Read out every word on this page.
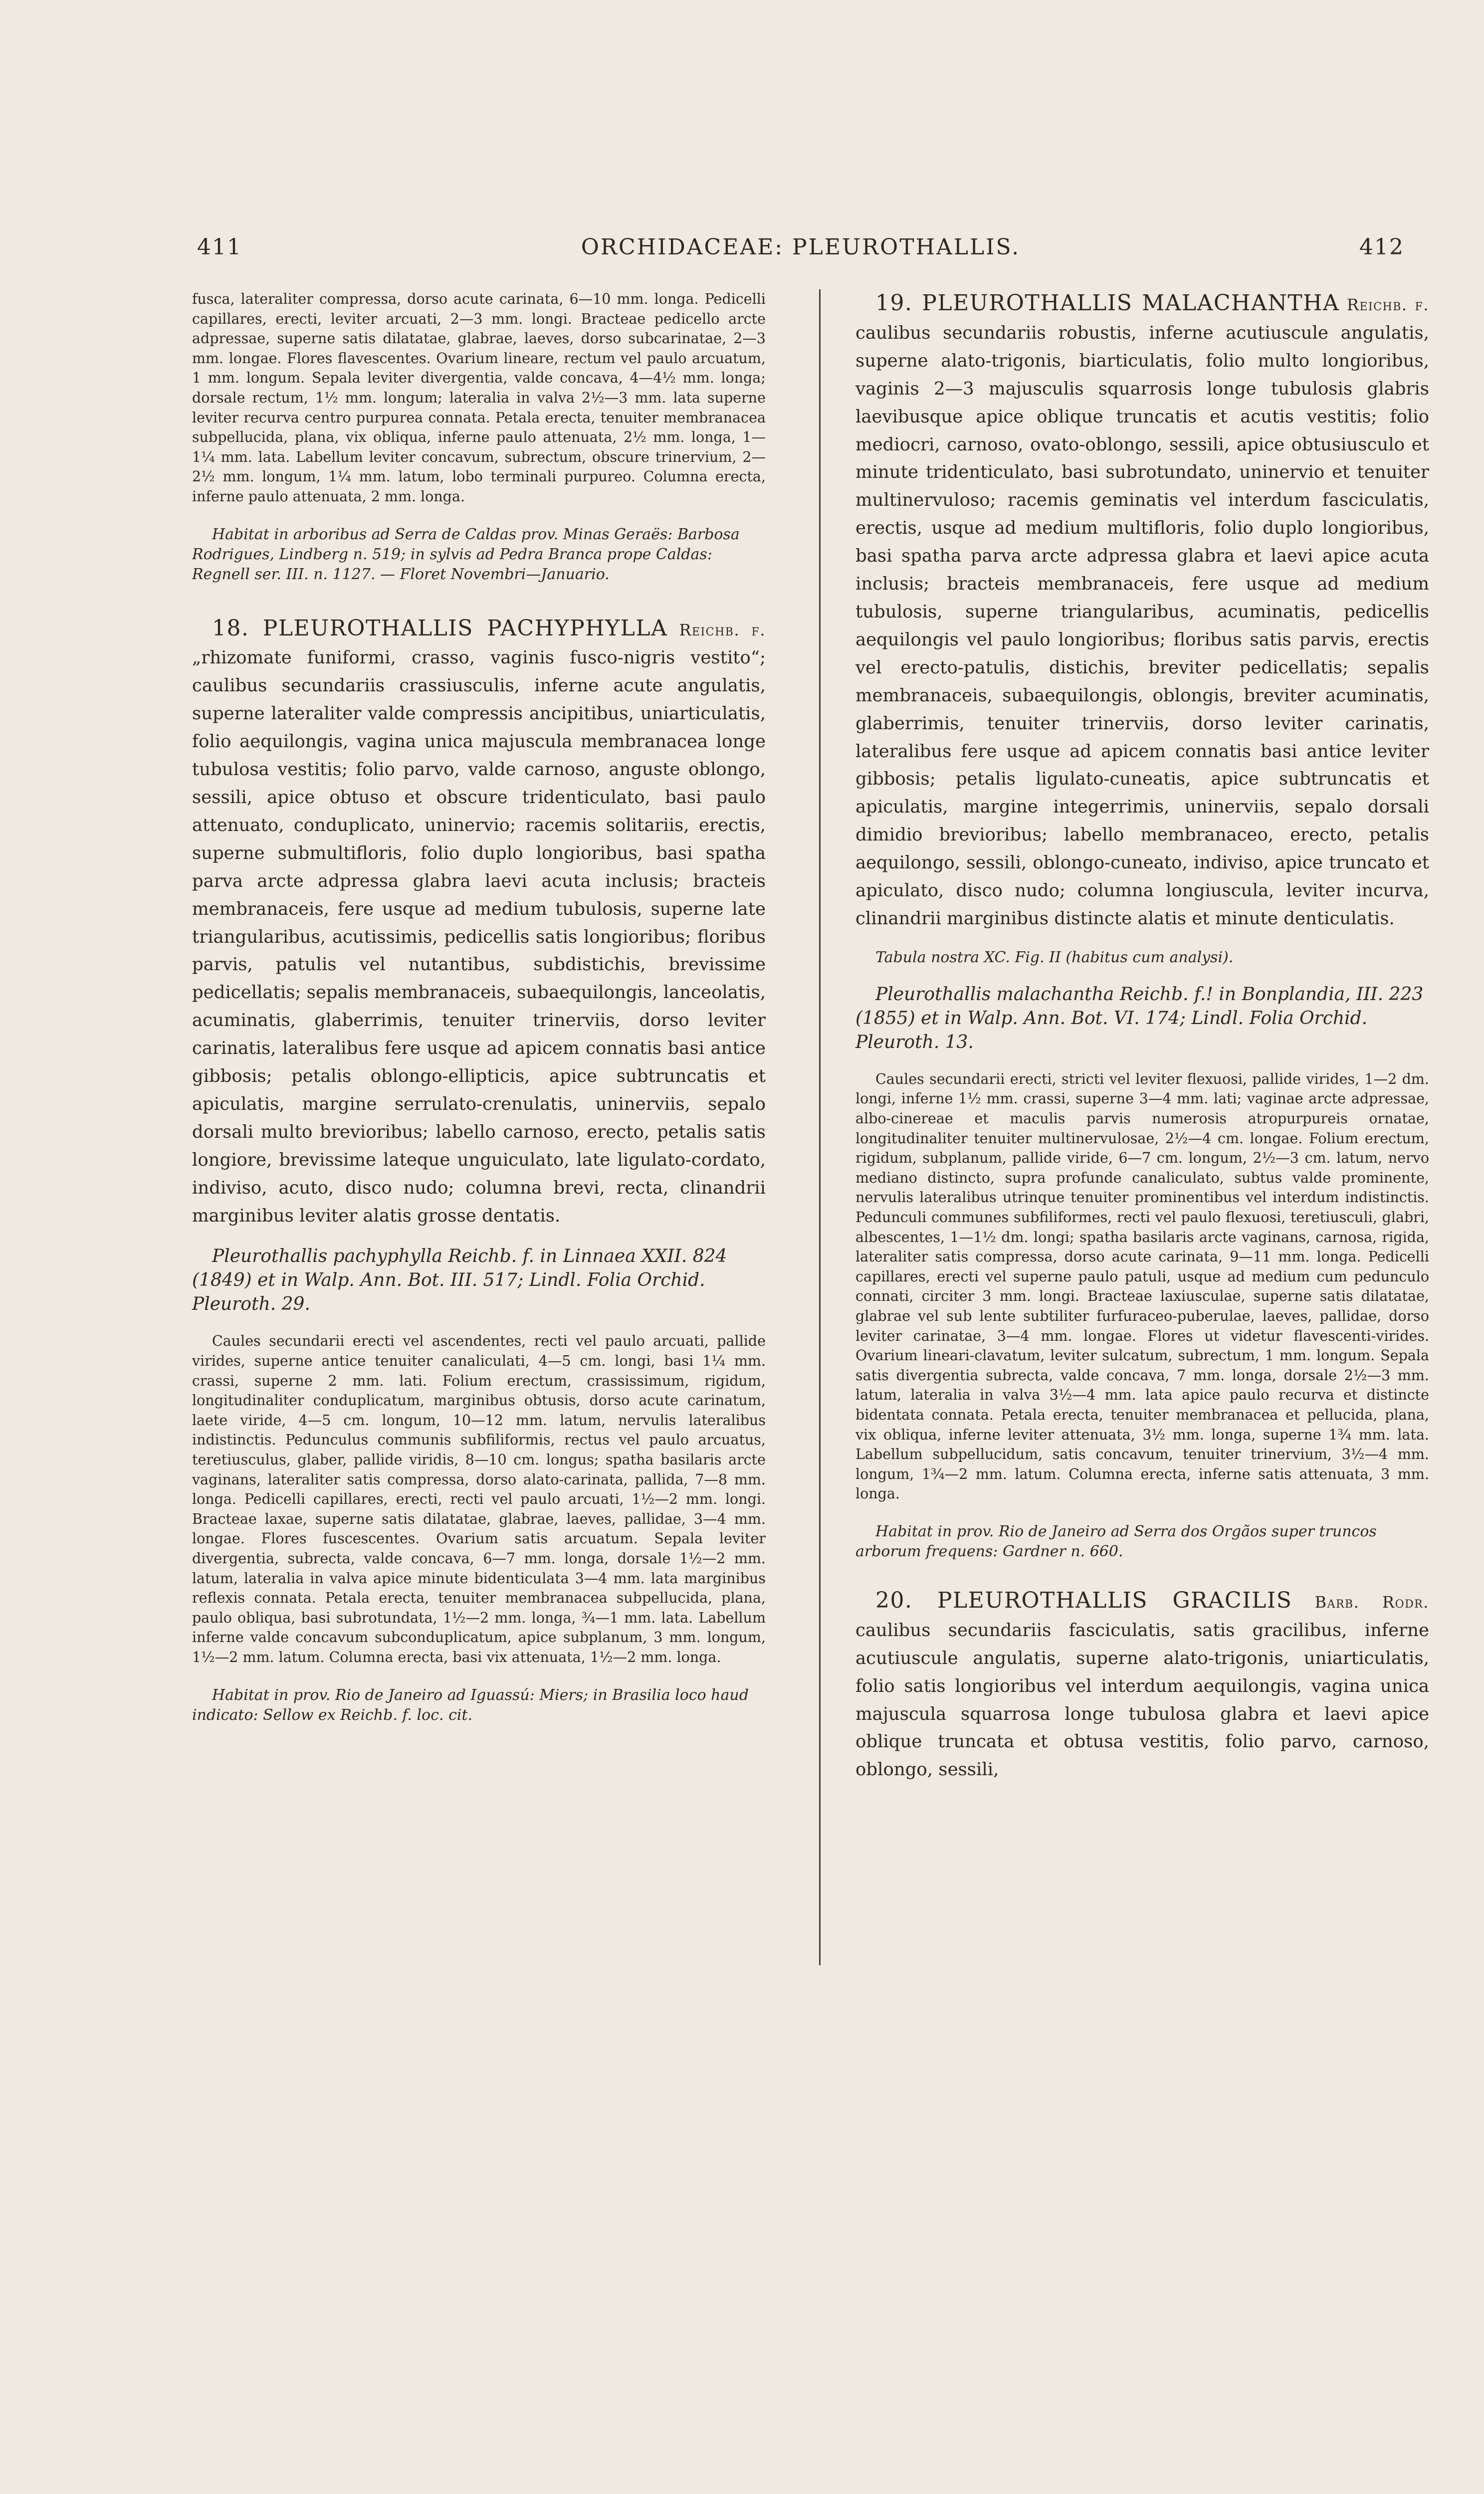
411	ORCHIDACEAE: PLEUROTHALLIS.	412

fusca, lateraliter compressa, dorso acute carinata, 6—10 mm. longa. Pedicelli capillares, erecti, leviter arcuati, 2—3 mm. longi. Bracteae pedicello arcte adpressae, superne satis dilatatae, glabrae, laeves, dorso subcarinatae, 2—3 mm. longae. Flores flavescentes. Ovarium lineare, rectum vel paulo arcuatum, 1 mm. longum. Sepala leviter divergentia, valde concava, 4—4½ mm. longa; dorsale rectum, 1½ mm. longum; lateralia in valva 2½—3 mm. lata superne leviter recurva centro purpurea connata. Petala erecta, tenuiter membranacea subpellucida, plana, vix obliqua, inferne paulo attenuata, 2½ mm. longa, 1—1¼ mm. lata. Labellum leviter concavum, subrectum, obscure trinervium, 2—2½ mm. longum, 1¼ mm. latum, lobo terminali purpureo. Columna erecta, inferne paulo attenuata, 2 mm. longa.

Habitat in arboribus ad Serra de Caldas prov. Minas Geraës: Barbosa Rodrigues, Lindberg n. 519; in sylvis ad Pedra Branca prope Caldas: Regnell ser. III. n. 1127. — Floret Novembri—Januario.

18. PLEUROTHALLIS PACHYPHYLLA Reichb. f. „rhizomate funiformi, crasso, vaginis fusco-nigris vestito“; caulibus secundariis crassiusculis, inferne acute angulatis, superne lateraliter valde compressis ancipitibus, uniarticulatis, folio aequilongis, vagina unica majuscula membranacea longe tubulosa vestitis; folio parvo, valde carnoso, anguste oblongo, sessili, apice obtuso et obscure tridenticulato, basi paulo attenuato, conduplicato, uninervio; racemis solitariis, erectis, superne submultifloris, folio duplo longioribus, basi spatha parva arcte adpressa glabra laevi acuta inclusis; bracteis membranaceis, fere usque ad medium tubulosis, superne late triangularibus, acutissimis, pedicellis satis longioribus; floribus parvis, patulis vel nutantibus, subdistichis, brevissime pedicellatis; sepalis membranaceis, subaequilongis, lanceolatis, acuminatis, glaberrimis, tenuiter trinerviis, dorso leviter carinatis, lateralibus fere usque ad apicem connatis basi antice gibbosis; petalis oblongo-ellipticis, apice subtruncatis et apiculatis, margine serrulato-crenulatis, uninerviis, sepalo dorsali multo brevioribus; labello carnoso, erecto, petalis satis longiore, brevissime lateque unguiculato, late ligulato-cordato, indiviso, acuto, disco nudo; columna brevi, recta, clinandrii marginibus leviter alatis grosse dentatis.

Pleurothallis pachyphylla Reichb. f. in Linnaea XXII. 824 (1849) et in Walp. Ann. Bot. III. 517; Lindl. Folia Orchid. Pleuroth. 29.

Caules secundarii erecti vel ascendentes, recti vel paulo arcuati, pallide virides, superne antice tenuiter canaliculati, 4—5 cm. longi, basi 1¼ mm. crassi, superne 2 mm. lati. Folium erectum, crassissimum, rigidum, longitudinaliter conduplicatum, marginibus obtusis, dorso acute carinatum, laete viride, 4—5 cm. longum, 10—12 mm. latum, nervulis lateralibus indistinctis. Pedunculus communis subfiliformis, rectus vel paulo arcuatus, teretiusculus, glaber, pallide viridis, 8—10 cm. longus; spatha basilaris arcte vaginans, lateraliter satis compressa, dorso alato-carinata, pallida, 7—8 mm. longa. Pedicelli capillares, erecti, recti vel paulo arcuati, 1½—2 mm. longi. Bracteae laxae, superne satis dilatatae, glabrae, laeves, pallidae, 3—4 mm. longae. Flores fuscescentes. Ovarium satis arcuatum. Sepala leviter divergentia, subrecta, valde concava, 6—7 mm. longa, dorsale 1½—2 mm. latum, lateralia in valva apice minute bidenticulata 3—4 mm. lata marginibus reflexis connata. Petala erecta, tenuiter membranacea subpellucida, plana, paulo obliqua, basi subrotundata, 1½—2 mm. longa, ¾—1 mm. lata. Labellum inferne valde concavum subconduplicatum, apice subplanum, 3 mm. longum, 1½—2 mm. latum. Columna erecta, basi vix attenuata, 1½—2 mm. longa.

Habitat in prov. Rio de Janeiro ad Iguassú: Miers; in Brasilia loco haud indicato: Sellow ex Reichb. f. loc. cit.

19. PLEUROTHALLIS MALACHANTHA Reichb. f. caulibus secundariis robustis, inferne acutiuscule angulatis, superne alato-trigonis, biarticulatis, folio multo longioribus, vaginis 2—3 majusculis squarrosis longe tubulosis glabris laevibusque apice oblique truncatis et acutis vestitis; folio mediocri, carnoso, ovato-oblongo, sessili, apice obtusiusculo et minute tridenticulato, basi subrotundato, uninervio et tenuiter multinervuloso; racemis geminatis vel interdum fasciculatis, erectis, usque ad medium multifloris, folio duplo longioribus, basi spatha parva arcte adpressa glabra et laevi apice acuta inclusis; bracteis membranaceis, fere usque ad medium tubulosis, superne triangularibus, acuminatis, pedicellis aequilongis vel paulo longioribus; floribus satis parvis, erectis vel erecto-patulis, distichis, breviter pedicellatis; sepalis membranaceis, subaequilongis, oblongis, breviter acuminatis, glaberrimis, tenuiter trinerviis, dorso leviter carinatis, lateralibus fere usque ad apicem connatis basi antice leviter gibbosis; petalis ligulato-cuneatis, apice subtruncatis et apiculatis, margine integerrimis, uninerviis, sepalo dorsali dimidio brevioribus; labello membranaceo, erecto, petalis aequilongo, sessili, oblongo-cuneato, indiviso, apice truncato et apiculato, disco nudo; columna longiuscula, leviter incurva, clinandrii marginibus distincte alatis et minute denticulatis.

Tabula nostra XC. Fig. II (habitus cum analysi).

Pleurothallis malachantha Reichb. f.! in Bonplandia, III. 223 (1855) et in Walp. Ann. Bot. VI. 174; Lindl. Folia Orchid. Pleuroth. 13.

Caules secundarii erecti, stricti vel leviter flexuosi, pallide virides, 1—2 dm. longi, inferne 1½ mm. crassi, superne 3—4 mm. lati; vaginae arcte adpressae, albo-cinereae et maculis parvis numerosis atropurpureis ornatae, longitudinaliter tenuiter multinervulosae, 2½—4 cm. longae. Folium erectum, rigidum, subplanum, pallide viride, 6—7 cm. longum, 2½—3 cm. latum, nervo mediano distincto, supra profunde canaliculato, subtus valde prominente, nervulis lateralibus utrinque tenuiter prominentibus vel interdum indistinctis. Pedunculi communes subfiliformes, recti vel paulo flexuosi, teretiusculi, glabri, albescentes, 1—1½ dm. longi; spatha basilaris arcte vaginans, carnosa, rigida, lateraliter satis compressa, dorso acute carinata, 9—11 mm. longa. Pedicelli capillares, erecti vel superne paulo patuli, usque ad medium cum pedunculo connati, circiter 3 mm. longi. Bracteae laxiusculae, superne satis dilatatae, glabrae vel sub lente subtiliter furfuraceo-puberulae, laeves, pallidae, dorso leviter carinatae, 3—4 mm. longae. Flores ut videtur flavescenti-virides. Ovarium lineari-clavatum, leviter sulcatum, subrectum, 1 mm. longum. Sepala satis divergentia subrecta, valde concava, 7 mm. longa, dorsale 2½—3 mm. latum, lateralia in valva 3½—4 mm. lata apice paulo recurva et distincte bidentata connata. Petala erecta, tenuiter membranacea et pellucida, plana, vix obliqua, inferne leviter attenuata, 3½ mm. longa, superne 1¾ mm. lata. Labellum subpellucidum, satis concavum, tenuiter trinervium, 3½—4 mm. longum, 1¾—2 mm. latum. Columna erecta, inferne satis attenuata, 3 mm. longa.

Habitat in prov. Rio de Janeiro ad Serra dos Orgãos super truncos arborum frequens: Gardner n. 660.

20. PLEUROTHALLIS GRACILIS Barb. Rodr. caulibus secundariis fasciculatis, satis gracilibus, inferne acutiuscule angulatis, superne alato-trigonis, uniarticulatis, folio satis longioribus vel interdum aequilongis, vagina unica majuscula squarrosa longe tubulosa glabra et laevi apice oblique truncata et obtusa vestitis, folio parvo, carnoso, oblongo, sessili,
